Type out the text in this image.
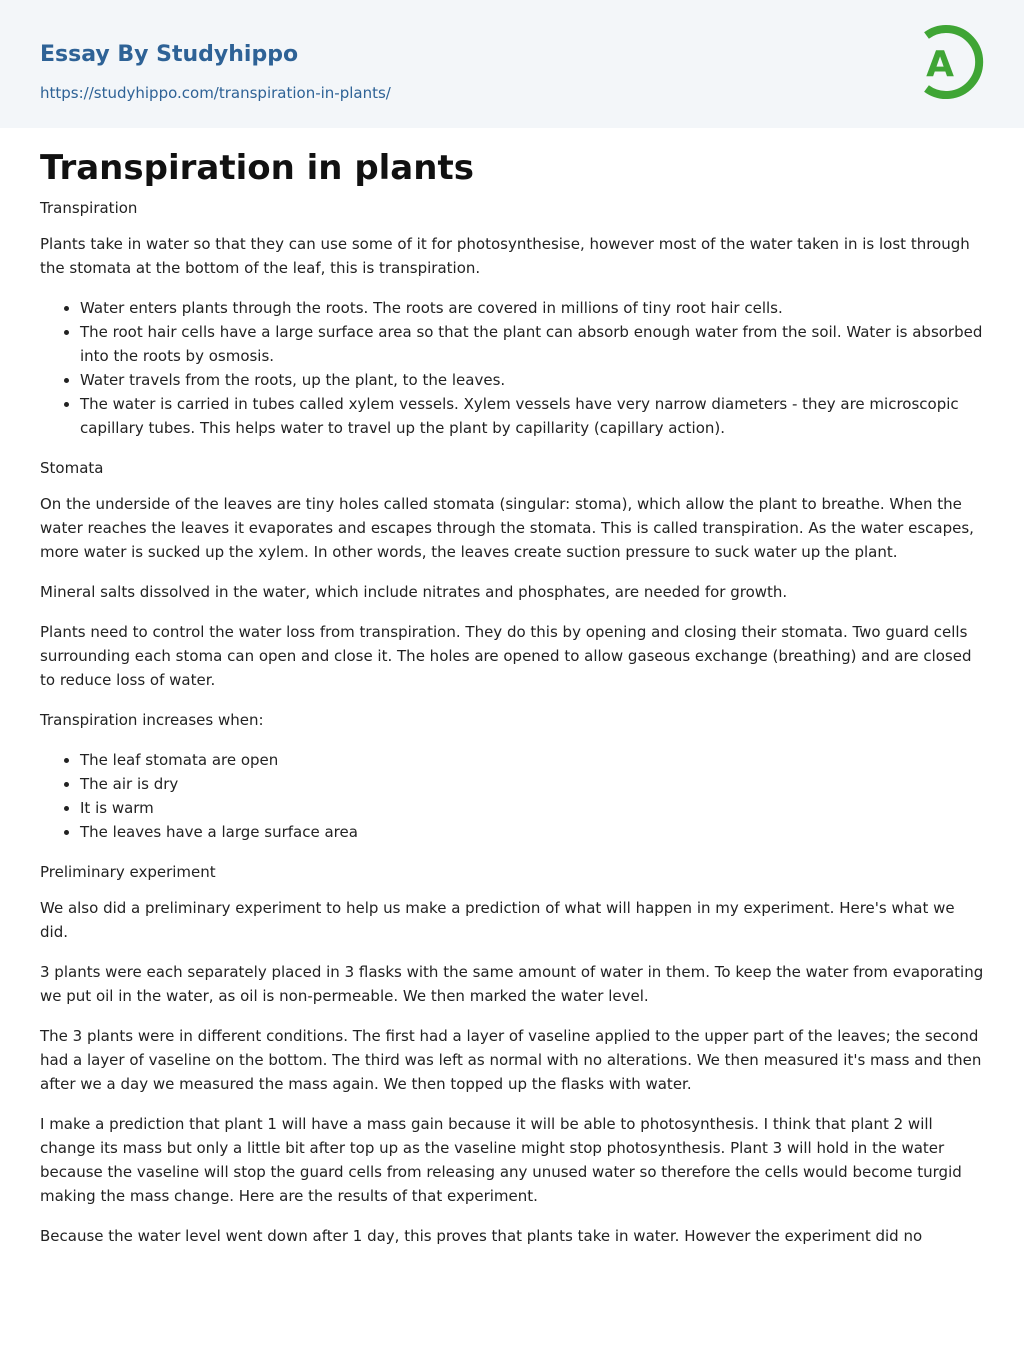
Essay By Studyhippo
https://studyhippo.com/transpiration-in-plants/
A
Transpiration in plants

Transpiration

Plants take in water so that they can use some of it for photosynthesise, however most of the water taken in is lost through the stomata at the bottom of the leaf, this is transpiration.

• Water enters plants through the roots. The roots are covered in millions of tiny root hair cells.
• The root hair cells have a large surface area so that the plant can absorb enough water from the soil. Water is absorbed into the roots by osmosis.
• Water travels from the roots, up the plant, to the leaves.
• The water is carried in tubes called xylem vessels. Xylem vessels have very narrow diameters - they are microscopic capillary tubes. This helps water to travel up the plant by capillarity (capillary action).

Stomata

On the underside of the leaves are tiny holes called stomata (singular: stoma), which allow the plant to breathe. When the water reaches the leaves it evaporates and escapes through the stomata. This is called transpiration. As the water escapes, more water is sucked up the xylem. In other words, the leaves create suction pressure to suck water up the plant.

Mineral salts dissolved in the water, which include nitrates and phosphates, are needed for growth.

Plants need to control the water loss from transpiration. They do this by opening and closing their stomata. Two guard cells surrounding each stoma can open and close it. The holes are opened to allow gaseous exchange (breathing) and are closed to reduce loss of water.

Transpiration increases when:

• The leaf stomata are open
• The air is dry
• It is warm
• The leaves have a large surface area

Preliminary experiment

We also did a preliminary experiment to help us make a prediction of what will happen in my experiment. Here's what we did.

3 plants were each separately placed in 3 flasks with the same amount of water in them. To keep the water from evaporating we put oil in the water, as oil is non-permeable. We then marked the water level.

The 3 plants were in different conditions. The first had a layer of vaseline applied to the upper part of the leaves; the second had a layer of vaseline on the bottom. The third was left as normal with no alterations. We then measured it's mass and then after we a day we measured the mass again. We then topped up the flasks with water.

I make a prediction that plant 1 will have a mass gain because it will be able to photosynthesis. I think that plant 2 will change its mass but only a little bit after top up as the vaseline might stop photosynthesis. Plant 3 will hold in the water because the vaseline will stop the guard cells from releasing any unused water so therefore the cells would become turgid making the mass change. Here are the results of that experiment.

Because the water level went down after 1 day, this proves that plants take in water. However the experiment did no
